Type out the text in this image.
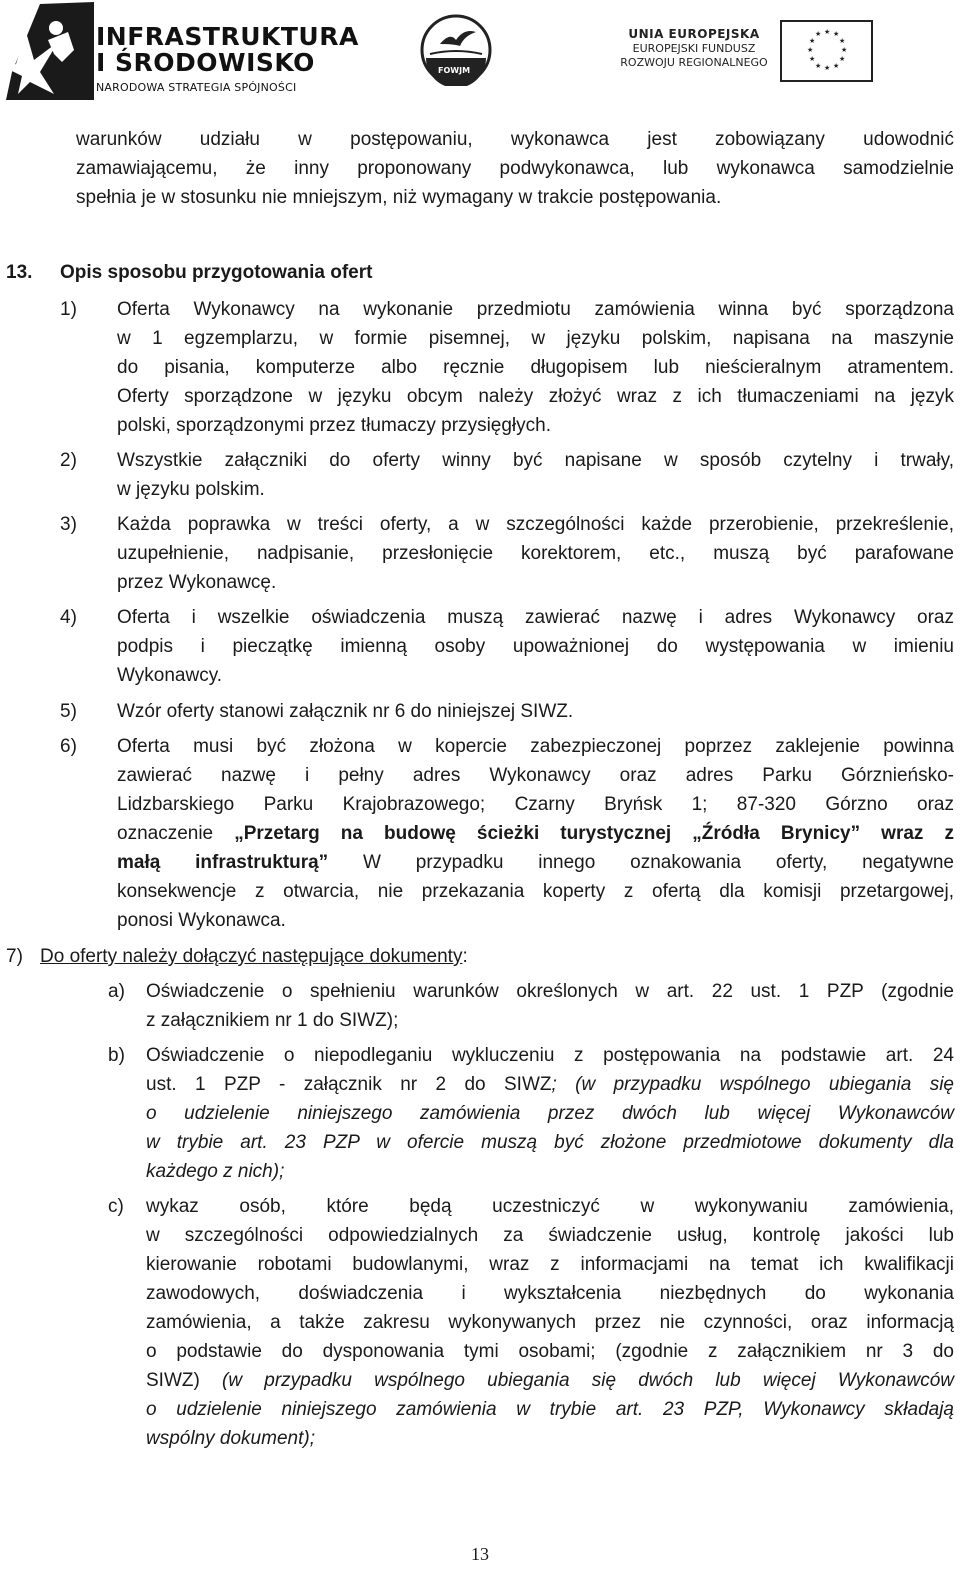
INFRASTRUKTURA
I ŚRODOWISKO
NARODOWA STRATEGIA SPÓJNOŚCI
FOWJM
UNIA EUROPEJSKA
EUROPEJSKI FUNDUSZ
ROZWOJU REGIONALNEGO
★ ★
★
★
★
★
★
★
★
★
★
★
warunków udziału w postępowaniu, wykonawca jest zobowiązany udowodnić
zamawiającemu, że inny proponowany podwykonawca, lub wykonawca samodzielnie
spełnia je w stosunku nie mniejszym, niż wymagany w trakcie postępowania.
13. Opis sposobu przygotowania ofert
1) Oferta Wykonawcy na wykonanie przedmiotu zamówienia winna być sporządzona
w 1 egzemplarzu, w formie pisemnej, w języku polskim, napisana na maszynie
do pisania, komputerze albo ręcznie długopisem lub nieścieralnym atramentem.
Oferty sporządzone w języku obcym należy złożyć wraz z ich tłumaczeniami na język
polski, sporządzonymi przez tłumaczy przysięgłych.
2) Wszystkie załączniki do oferty winny być napisane w sposób czytelny i trwały,
w języku polskim.
3) Każda poprawka w treści oferty, a w szczególności każde przerobienie, przekreślenie,
uzupełnienie, nadpisanie, przesłonięcie korektorem, etc., muszą być parafowane
przez Wykonawcę.
4) Oferta i wszelkie oświadczenia muszą zawierać nazwę i adres Wykonawcy oraz
podpis i pieczątkę imienną osoby upoważnionej do występowania w imieniu
Wykonawcy.
5) Wzór oferty stanowi załącznik nr 6 do niniejszej SIWZ.
6) Oferta musi być złożona w kopercie zabezpieczonej poprzez zaklejenie powinna
zawierać nazwę i pełny adres Wykonawcy oraz adres Parku Górznieńsko-
Lidzbarskiego Parku Krajobrazowego; Czarny Bryńsk 1; 87-320 Górzno oraz
oznaczenie „Przetarg na budowę ścieżki turystycznej „Źródła Brynicy” wraz z
małą infrastrukturą” W przypadku innego oznakowania oferty, negatywne
konsekwencje z otwarcia, nie przekazania koperty z ofertą dla komisji przetargowej,
ponosi Wykonawca.
7) Do oferty należy dołączyć następujące dokumenty:
a) Oświadczenie o spełnieniu warunków określonych w art. 22 ust. 1 PZP (zgodnie
z załącznikiem nr 1 do SIWZ);
b) Oświadczenie o niepodleganiu wykluczeniu z postępowania na podstawie art. 24
ust. 1 PZP - załącznik nr 2 do SIWZ; (w przypadku wspólnego ubiegania się
o udzielenie niniejszego zamówienia przez dwóch lub więcej Wykonawców
w trybie art. 23 PZP w ofercie muszą być złożone przedmiotowe dokumenty dla
każdego z nich);
c) wykaz osób, które będą uczestniczyć w wykonywaniu zamówienia,
w szczególności odpowiedzialnych za świadczenie usług, kontrolę jakości lub
kierowanie robotami budowlanymi, wraz z informacjami na temat ich kwalifikacji
zawodowych, doświadczenia i wykształcenia niezbędnych do wykonania
zamówienia, a także zakresu wykonywanych przez nie czynności, oraz informacją
o podstawie do dysponowania tymi osobami; (zgodnie z załącznikiem nr 3 do
SIWZ) (w przypadku wspólnego ubiegania się dwóch lub więcej Wykonawców
o udzielenie niniejszego zamówienia w trybie art. 23 PZP, Wykonawcy składają
wspólny dokument);
13
